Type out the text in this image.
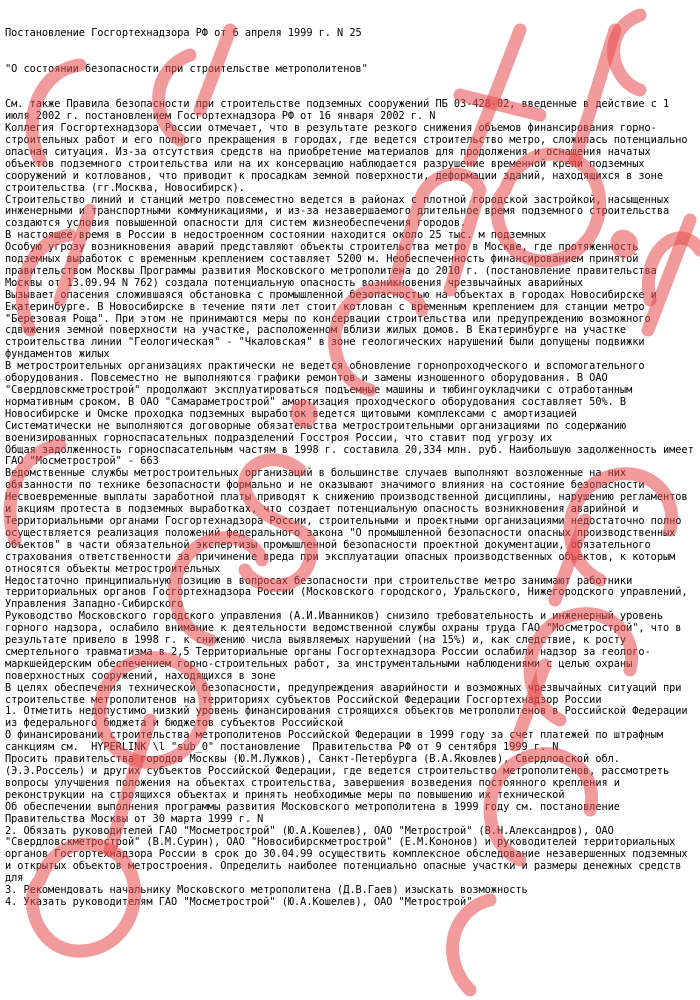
Постановление Госгортехнадзора РФ от 6 апреля 1999 г. N 25

"О состоянии безопасности при строительстве метрополитенов"

См. также Правила безопасности при строительстве подземных сооружений ПБ 03-428-02, введенные в действие с 1 июля 2002 г. постановлением Госгортехнадзора РФ от 16 января 2002 г. N
Коллегия Госгортехнадзора России отмечает, что в результате резкого снижения объемов финансирования горно-строительных работ и его полного прекращения в городах, где ведется строительство метро, сложилась потенциально опасная ситуация. Из-за отсутствия средств на приобретение материалов для продолжения и оснащения начатых объектов подземного строительства или на их консервацию наблюдается разрушение временной крепи подземных сооружений и котлованов, что приводит к просадкам земной поверхности, деформации зданий, находящихся в зоне строительства (гг.Москва, Новосибирск).
Строительство линий и станций метро повсеместно ведется в районах с плотной городской застройкой, насыщенных инженерными и транспортными коммуникациями, и из-за незавершаемого длительное время подземного строительства создаются условия повышенной опасности для систем жизнеобеспечения городов.
В настоящее время в России в недостроенном состоянии находится около 25 тыс. м подземных
Особую угрозу возникновения аварий представляют объекты строительства метро в Москве, где протяженность подземных выработок с временным креплением составляет 5200 м. Необеспеченность финансированием принятой правительством Москвы Программы развития Московского метрополитена до 2010 г. (постановление правительства Москвы от 13.09.94 N 762) создала потенциальную опасность возникновения чрезвычайных аварийных
Вызывает опасения сложившаяся обстановка с промышленной безопасностью на объектах в городах Новосибирске и Екатеринбурге. В Новосибирске в течение пяти лет стоит котлован с временным креплением для станции метро "Березовая Роща". При этом не принимаются меры по консервации строительства или предупреждению возможного сдвижения земной поверхности на участке, расположенном вблизи жилых домов. В Екатеринбурге на участке строительства линии "Геологическая" - "Чкаловская" в зоне геологических нарушений были допущены подвижки фундаментов жилых
В метростроительных организациях практически не ведется обновление горнопроходческого и вспомогательного оборудования. Повсеместно не выполняются графики ремонтов и замены изношенного оборудования. В ОАО "Свердловскметрострой" продолжают эксплуатироваться подъемные машины и тюбингоукладчики с отработанным нормативным сроком. В ОАО "Самараметрострой" амортизация проходческого оборудования составляет 50%. В Новосибирске и Омске проходка подземных выработок ведется щитовыми комплексами с амортизацией
Систематически не выполняются договорные обязательства метростроительными организациями по содержанию военизированных горноспасательных подразделений Госстроя России, что ставит под угрозу их
Общая задолженность горноспасательным частям в 1998 г. составила 20,334 млн. руб. Наибольшую задолженность имеет ГАО "Мосметрострой" - 663
Ведомственные службы метростроительных организаций в большинстве случаев выполняют возложенные на них обязанности по технике безопасности формально и не оказывают значимого влияния на состояние безопасности
Несвоевременные выплаты заработной платы приводят к снижению производственной дисциплины, нарушению регламентов и акциям протеста в подземных выработках, что создает потенциальную опасность возникновения аварийной и
Территориальными органами Госгортехнадзора России, строительными и проектными организациями недостаточно полно осуществляется реализация положений федерального закона "О промышленной безопасности опасных производственных объектов" в части обязательной экспертизы промышленной безопасности проектной документации, обязательного страхования ответственности за причинение вреда при эксплуатации опасных производственных объектов, к которым относятся объекты метростроительных
Недостаточно принципиальную позицию в вопросах безопасности при строительстве метро занимают работники территориальных органов Госгортехнадзора России (Московского городского, Уральского, Нижегородского управлений, Управления Западно-Сибирского
Руководство Московского городского управления (А.И.Иванников) снизило требовательность и инженерный уровень горного надзора, ослабило внимание к деятельности ведомственной службы охраны труда ГАО "Мосметрострой", что в результате привело в 1998 г. к снижению числа выявляемых нарушений (на 15%) и, как следствие, к росту смертельного травматизма в 2,5 Территориальные органы Госгортехнадзора России ослабили надзор за геолого-маркшейдерским обеспечением горно-строительных работ, за инструментальными наблюдениями с целью охраны поверхностных сооружений, находящихся в зоне
В целях обеспечения технической безопасности, предупреждения аварийности и возможных чрезвычайных ситуаций при строительстве метрополитенов на территориях субъектов Российской Федерации Госгортехнадзор России
1. Отметить недопустимо низкий уровень финансирования строящихся объектов метрополитенов в Российской Федерации из федерального бюджета и бюджетов субъектов Российской
О финансировании строительства метрополитенов Российской Федерации в 1999 году за счет платежей по штрафным санкциям см.  HYPERLINK \l "sub_0" постановление  Правительства РФ от 9 сентября 1999 г. N
Просить правительства городов Москвы (Ю.М.Лужков), Санкт-Петербурга (В.А.Яковлев), Свердловской обл. (Э.Э.Россель) и других субъектов Российской Федерации, где ведется строительство метрополитенов, рассмотреть вопросы улучшения положения на объектах строительства, завершения возведения постоянного крепления и реконструкции на строящихся объектах и принять необходимые меры по повышению их технической
Об обеспечении выполнения программы развития Московского метрополитена в 1999 году см. постановление Правительства Москвы от 30 марта 1999 г. N
2. Обязать руководителей ГАО "Мосметрострой" (Ю.А.Кошелев), ОАО "Метрострой" (В.Н.Александров), ОАО "Свердловскметрострой" (В.М.Сурин), ОАО "Новосибирскметрострой" (Е.М.Кононов) и руководителей территориальных органов Госгортехнадзора России в срок до 30.04.99 осуществить комплексное обследование незавершенных подземных и открытых объектов метростроения. Определить наиболее потенциально опасные участки и размеры денежных средств для
3. Рекомендовать начальнику Московского метрополитена (Д.В.Гаев) изыскать возможность
4. Указать руководителям ГАО "Мосметрострой" (Ю.А.Кошелев), ОАО "Метрострой"
